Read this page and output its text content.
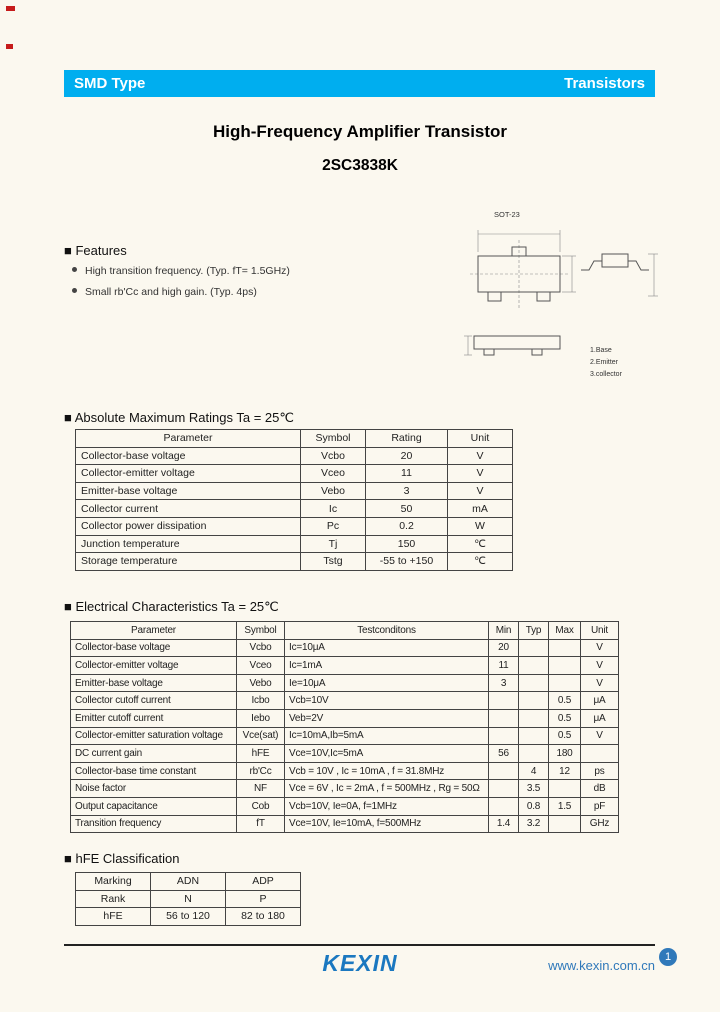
SMD Type	Transistors
High-Frequency Amplifier Transistor
2SC3838K
SOT-23
1.Base
2.Emitter
3.collector
■ Features
High transition frequency. (Typ. fT= 1.5GHz)
Small rb'Cc and high gain. (Typ. 4ps)
■ Absolute Maximum Ratings Ta = 25℃
Parameter	Symbol	Rating	Unit
Collector-base voltage	Vcbo	20	V
Collector-emitter voltage	Vceo	11	V
Emitter-base voltage	Vebo	3	V
Collector current	Ic	50	mA
Collector power dissipation	Pc	0.2	W
Junction temperature	Tj	150	℃
Storage temperature	Tstg	-55 to +150	℃
■ Electrical Characteristics Ta = 25℃
Parameter	Symbol	Testconditons	Min	Typ	Max	Unit
Collector-base voltage	Vcbo	Ic=10μA	20			V
Collector-emitter voltage	Vceo	Ic=1mA	11			V
Emitter-base voltage	Vebo	Ie=10μA	3			V
Collector cutoff current	Icbo	Vcb=10V			0.5	μA
Emitter cutoff current	Iebo	Veb=2V			0.5	μA
Collector-emitter saturation voltage	Vce(sat)	Ic=10mA,Ib=5mA			0.5	V
DC current gain	hFE	Vce=10V,Ic=5mA	56		180	
Collector-base time constant	rb'Cc	Vcb = 10V , Ic = 10mA , f = 31.8MHz		4	12	ps
Noise factor	NF	Vce = 6V , Ic = 2mA , f = 500MHz , Rg = 50Ω		3.5		dB
Output capacitance	Cob	Vcb=10V, Ie=0A, f=1MHz		0.8	1.5	pF
Transition frequency	fT	Vce=10V, Ie=10mA, f=500MHz	1.4	3.2		GHz
■ hFE Classification
Marking	ADN	ADP
Rank	N	P
hFE	56 to 120	82 to 180
KEXIN	www.kexin.com.cn
1
